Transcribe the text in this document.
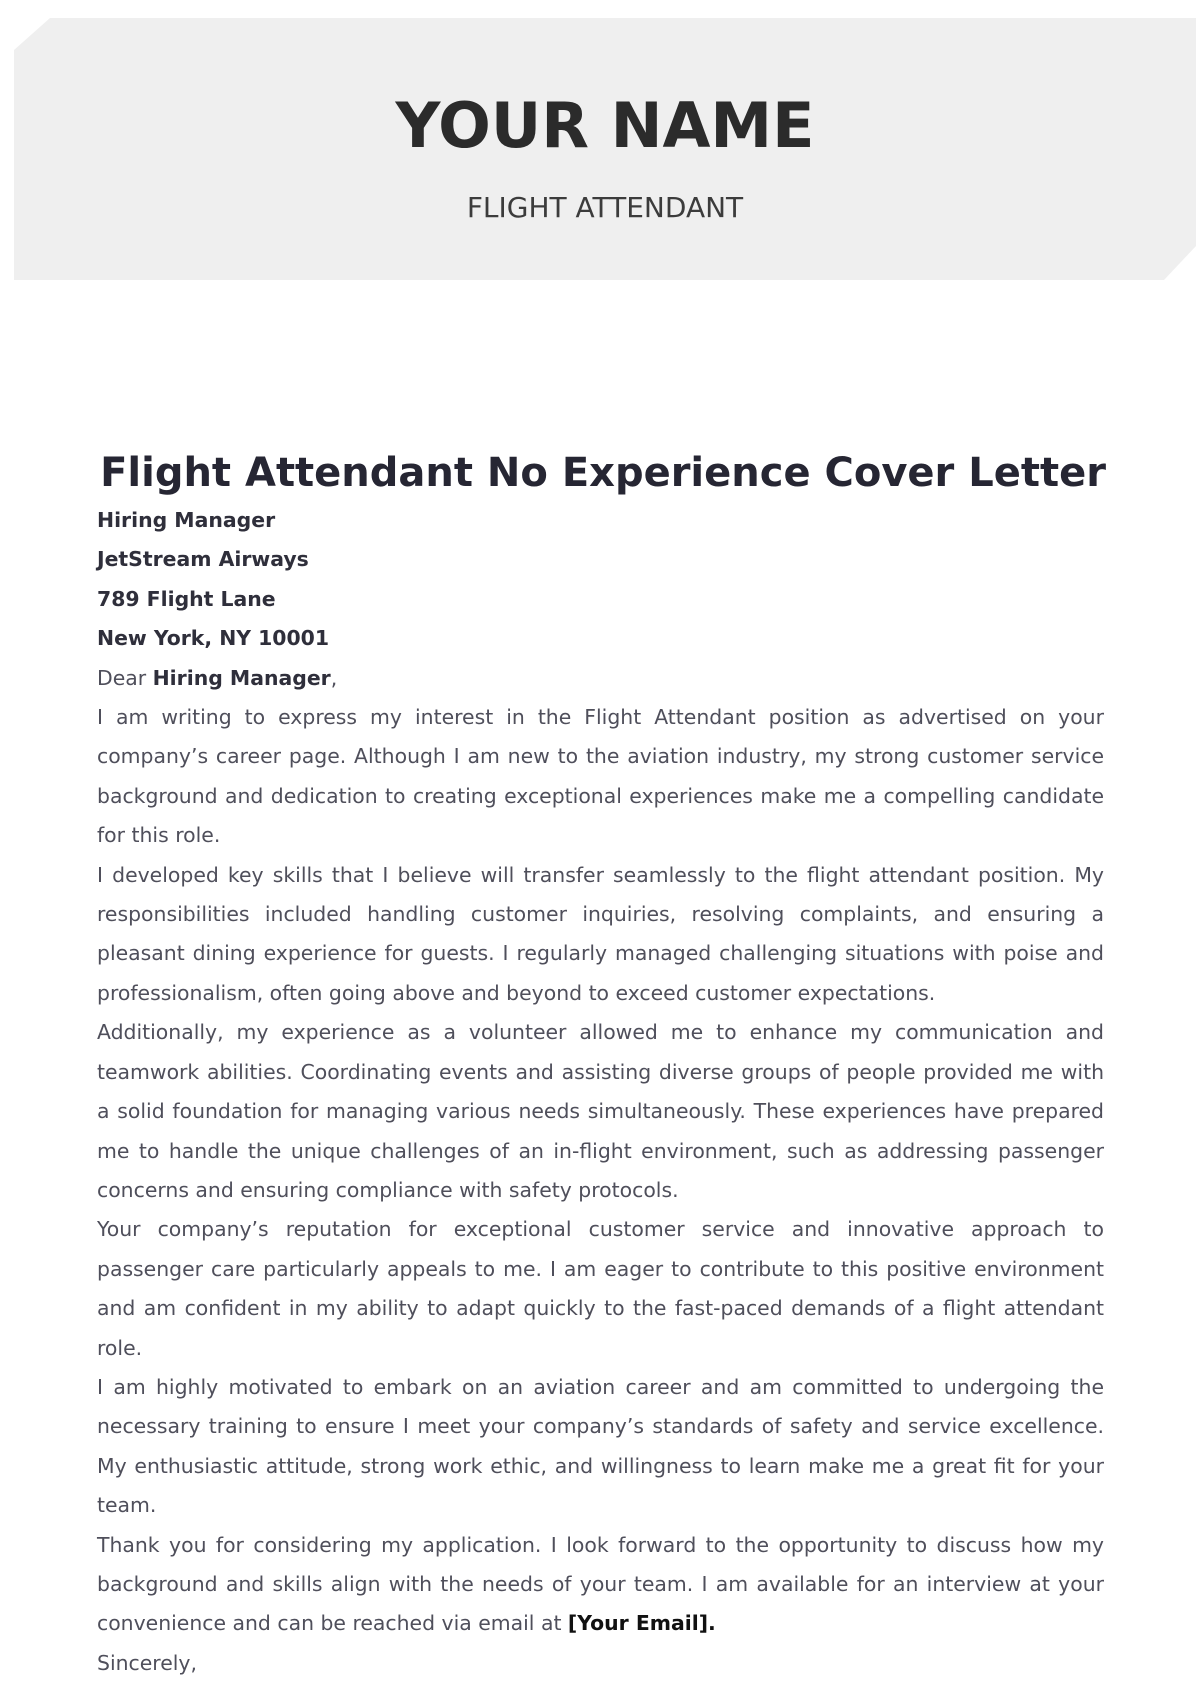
YOUR NAME
FLIGHT ATTENDANT
Flight Attendant No Experience Cover Letter
Hiring Manager
JetStream Airways
789 Flight Lane
New York, NY 10001
Dear Hiring Manager,

I am writing to express my interest in the Flight Attendant position as advertised on your company’s career page. Although I am new to the aviation industry, my strong customer service background and dedication to creating exceptional experiences make me a compelling candidate for this role.

I developed key skills that I believe will transfer seamlessly to the flight attendant position. My responsibilities included handling customer inquiries, resolving complaints, and ensuring a pleasant dining experience for guests. I regularly managed challenging situations with poise and professionalism, often going above and beyond to exceed customer expectations.

Additionally, my experience as a volunteer allowed me to enhance my communication and teamwork abilities. Coordinating events and assisting diverse groups of people provided me with a solid foundation for managing various needs simultaneously. These experiences have prepared me to handle the unique challenges of an in-flight environment, such as addressing passenger concerns and ensuring compliance with safety protocols.

Your company’s reputation for exceptional customer service and innovative approach to passenger care particularly appeals to me. I am eager to contribute to this positive environment and am confident in my ability to adapt quickly to the fast-paced demands of a flight attendant role.

I am highly motivated to embark on an aviation career and am committed to undergoing the necessary training to ensure I meet your company’s standards of safety and service excellence. My enthusiastic attitude, strong work ethic, and willingness to learn make me a great fit for your team.

Thank you for considering my application. I look forward to the opportunity to discuss how my background and skills align with the needs of your team. I am available for an interview at your convenience and can be reached via email at [Your Email].

Sincerely,
